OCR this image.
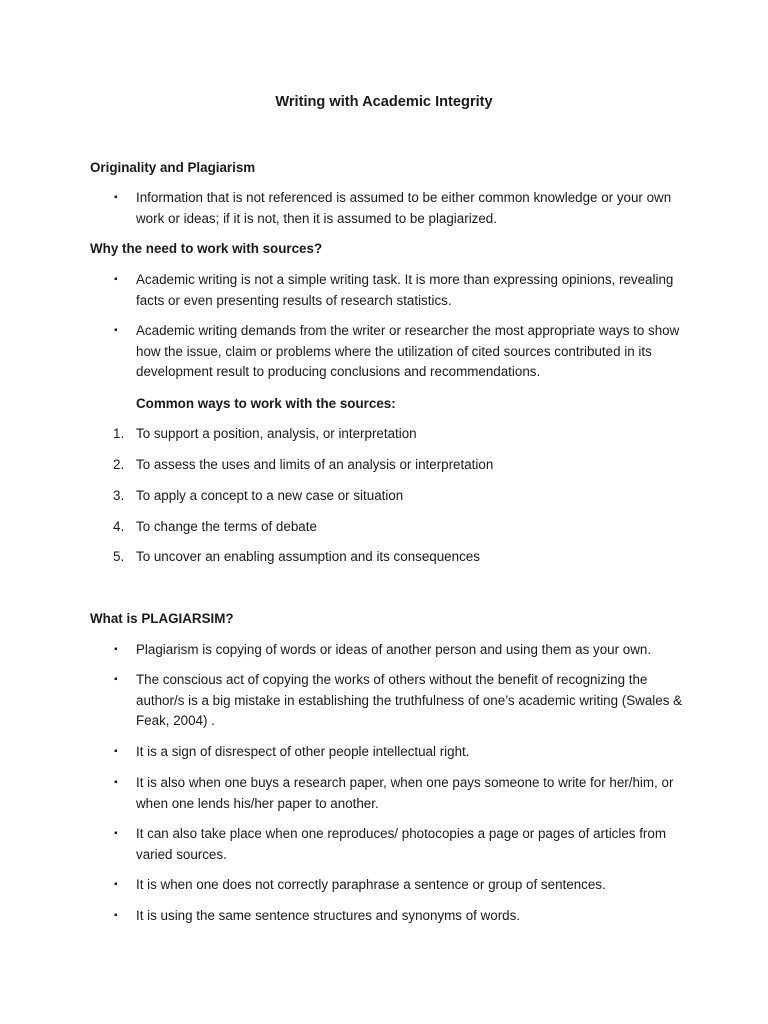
Writing with Academic Integrity
Originality and Plagiarism
▪	Information that is not referenced is assumed to be either common knowledge or your own work or ideas; if it is not, then it is assumed to be plagiarized.
Why the need to work with sources?
▪	Academic writing is not a simple writing task. It is more than expressing opinions, revealing facts or even presenting results of research statistics.
▪	Academic writing demands from the writer or researcher the most appropriate ways to show how the issue, claim or problems where the utilization of cited sources contributed in its development result to producing conclusions and recommendations.
Common ways to work with the sources:
1. To support a position, analysis, or interpretation
2. To assess the uses and limits of an analysis or interpretation
3. To apply a concept to a new case or situation
4. To change the terms of debate
5. To uncover an enabling assumption and its consequences
What is PLAGIARSIM?
▪	Plagiarism is copying of words or ideas of another person and using them as your own.
▪	The conscious act of copying the works of others without the benefit of recognizing the author/s is a big mistake in establishing the truthfulness of one’s academic writing (Swales & Feak, 2004) .
▪	It is a sign of disrespect of other people intellectual right.
▪	It is also when one buys a research paper, when one pays someone to write for her/him, or when one lends his/her paper to another.
▪	It can also take place when one reproduces/ photocopies a page or pages of articles from varied sources.
▪	It is when one does not correctly paraphrase a sentence or group of sentences.
▪	It is using the same sentence structures and synonyms of words.
